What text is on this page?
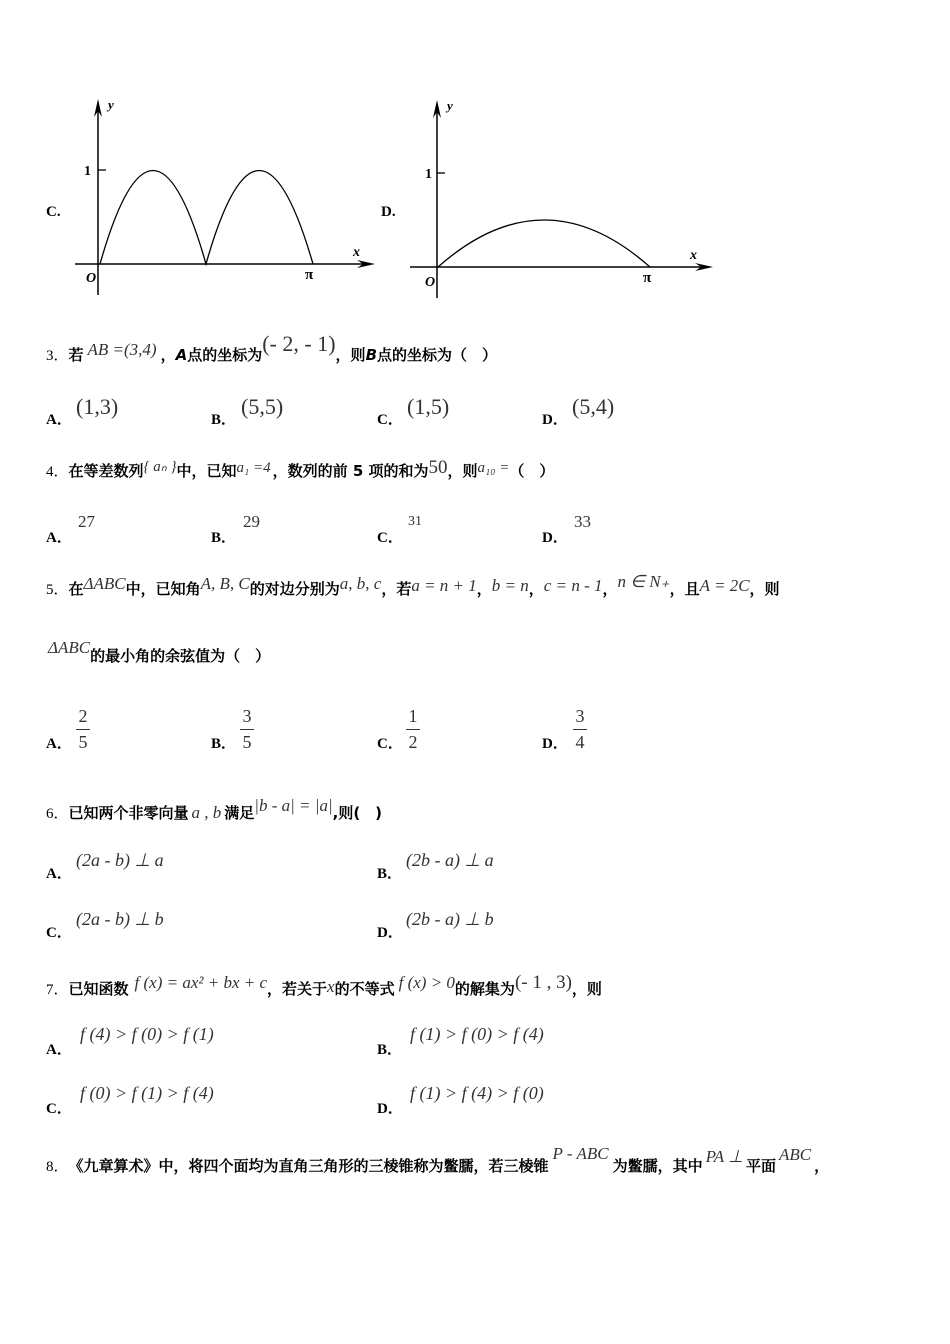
C.
y
x
O
1
π
D.
y
x
O
1
π
3． 若 AB =(3,4) ， A 点的坐标为 (- 2, - 1) ，则 B 点的坐标为（　）
A．
(1,3)
B．
(5,5)
C．
(1,5)
D．
(5,4)
4． 在等差数列 { aₙ } 中，已知 a₁ =4 ，数列的前 5 项的和为 50 ，则 a₁₀ = （　）
A．
27
B．
29
C．
31
D．
33
5． 在 ΔABC 中，已知角 A, B, C 的对边分别为 a, b, c ，若 a = n + 1 ， b = n ， c = n - 1 ， n ∈ N₊ ，且 A = 2C ，则
ΔABC 的最小角的余弦值为（　）
A．
2
5	B．
3
5	C．
1
2	D．
3
4
6． 已知两个非零向量 a , b 满足 |b - a| = |a| ,则(　)
A．
(2a - b) ⊥ a
B．
(2b - a) ⊥ a
C．
(2a - b) ⊥ b
D．
(2b - a) ⊥ b
7． 已知函数 f (x) = ax² + bx + c ，若关于 x 的不等式 f (x) > 0 的解集为 (- 1 , 3) ，则
A．
f (4) > f (0) > f (1)
B．
f (1) > f (0) > f (4)
C．
f (0) > f (1) > f (4)
D．
f (1) > f (4) > f (0)
8． 《九章算术》中，将四个面均为直角三角形的三棱锥称为鳖臑，若三棱锥
P - ABC
为鳖臑，其中 PA ⊥ 平面
ABC
，
